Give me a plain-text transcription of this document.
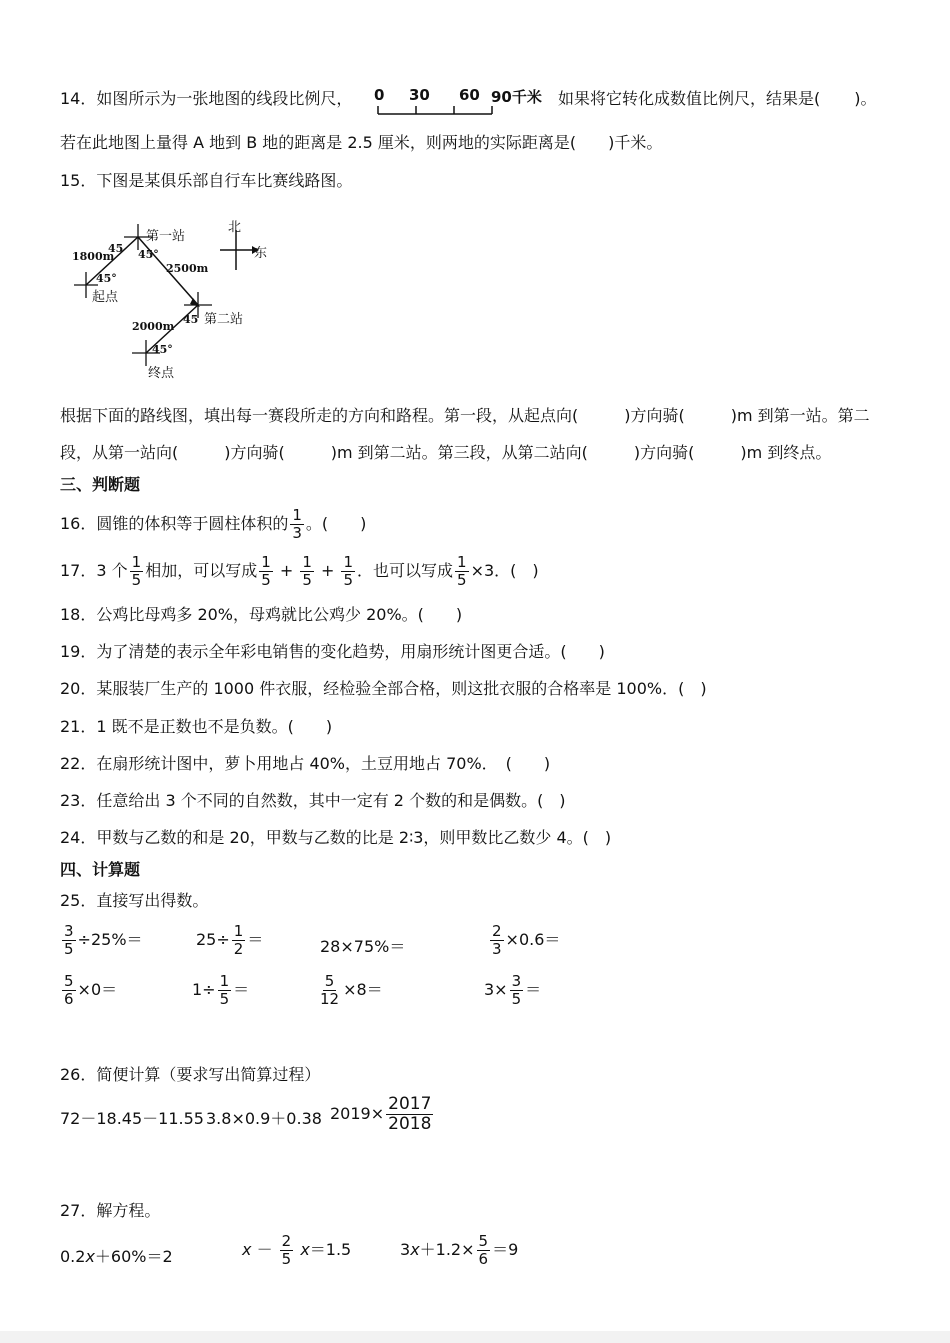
14．如图所示为一张地图的线段比例尺， 0 30 60 90千米 如果将它转化成数值比例尺，结果是( )。
若在此地图上量得 A 地到 B 地的距离是 2.5 厘米，则两地的实际距离是( )千米。
15．下图是某俱乐部自行车比赛线路图。
北
东
第一站
第二站
起点
终点
1800m
2500m
2000m
45 45°
45°
45
45°
根据下面的路线图，填出每一赛段所走的方向和路程。第一段，从起点向(	)方向骑(	)m 到第一站。第二
段，从第一站向(	)方向骑(	)m 到第二站。第三段，从第二站向(	)方向骑(	)m 到终点。
三、判断题
16．圆锥的体积等于圆柱体积的 $\frac{1}{3}$ 。(　　)
17．3 个 $\frac{1}{5}$ 相加，可以写成 $\frac{1}{5} + \frac{1}{5} + \frac{1}{5}$ ．也可以写成 $\frac{1}{5} \times 3$．(　)
18．公鸡比母鸡多 20%，母鸡就比公鸡少 20%。(　　)
19．为了清楚的表示全年彩电销售的变化趋势，用扇形统计图更合适。(　　)
20．某服装厂生产的 1000 件衣服，经检验全部合格，则这批衣服的合格率是 100%．(　)
21．1 既不是正数也不是负数。(　　)
22．在扇形统计图中，萝卜用地占 40%，土豆用地占 70%．　(　　)
23．任意给出 3 个不同的自然数，其中一定有 2 个数的和是偶数。(　)
24．甲数与乙数的和是 20，甲数与乙数的比是 2∶3，则甲数比乙数少 4。(　)
四、计算题
25．直接写出得数。
$\frac{3}{5} \div 25\%=$	$25\div \frac{1}{2}$ ＝	28×75%＝	$\frac{2}{3} \times 0.6=$
$\frac{5}{6} \times 0=$	$1\div \frac{1}{5}$ ＝	$\frac{5}{12} \times 8=$	$3\times \frac{3}{5}$ ＝
26．简便计算（要求写出简算过程）
72－18.45－11.55 3.8×0.9＋0.38 $2019\times \frac{2017}{2018}$
27．解方程。
0.2x＋60%＝2	$x - \frac{2}{5} x=1.5$	$3x+1.2\times \frac{5}{6} =9$
